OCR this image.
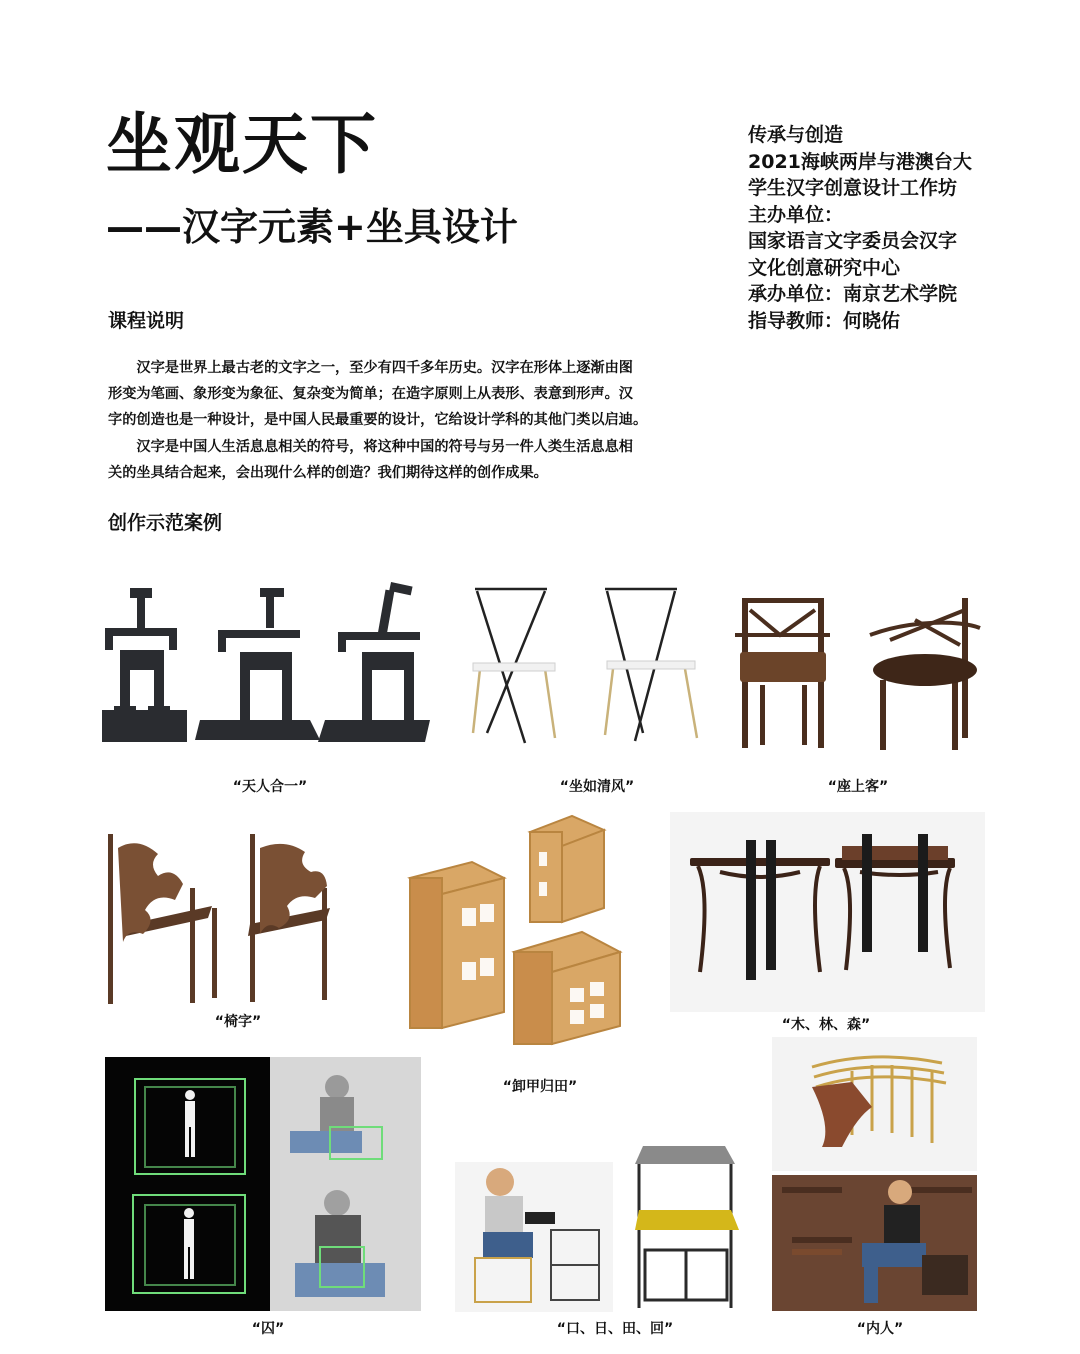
坐观天下
——汉字元素+坐具设计
传承与创造
2021海峡两岸与港澳台大
学生汉字创意设计工作坊
主办单位：
国家语言文字委员会汉字
文化创意研究中心
承办单位：南京艺术学院
指导教师：何晓佑
课程说明
　　汉字是世界上最古老的文字之一，至少有四千多年历史。汉字在形体上逐渐由图
形变为笔画、象形变为象征、复杂变为简单；在造字原则上从表形、表意到形声。汉
字的创造也是一种设计，是中国人民最重要的设计，它给设计学科的其他门类以启迪。
　　汉字是中国人生活息息相关的符号，将这种中国的符号与另一件人类生活息息相
关的坐具结合起来，会出现什么样的创造？我们期待这样的创作成果。
创作示范案例
“天人合一”	“坐如清风”	“座上客”
“椅字”
“卸甲归田”
“木、林、森”
“囚”	“口、日、田、回”	“内人”
